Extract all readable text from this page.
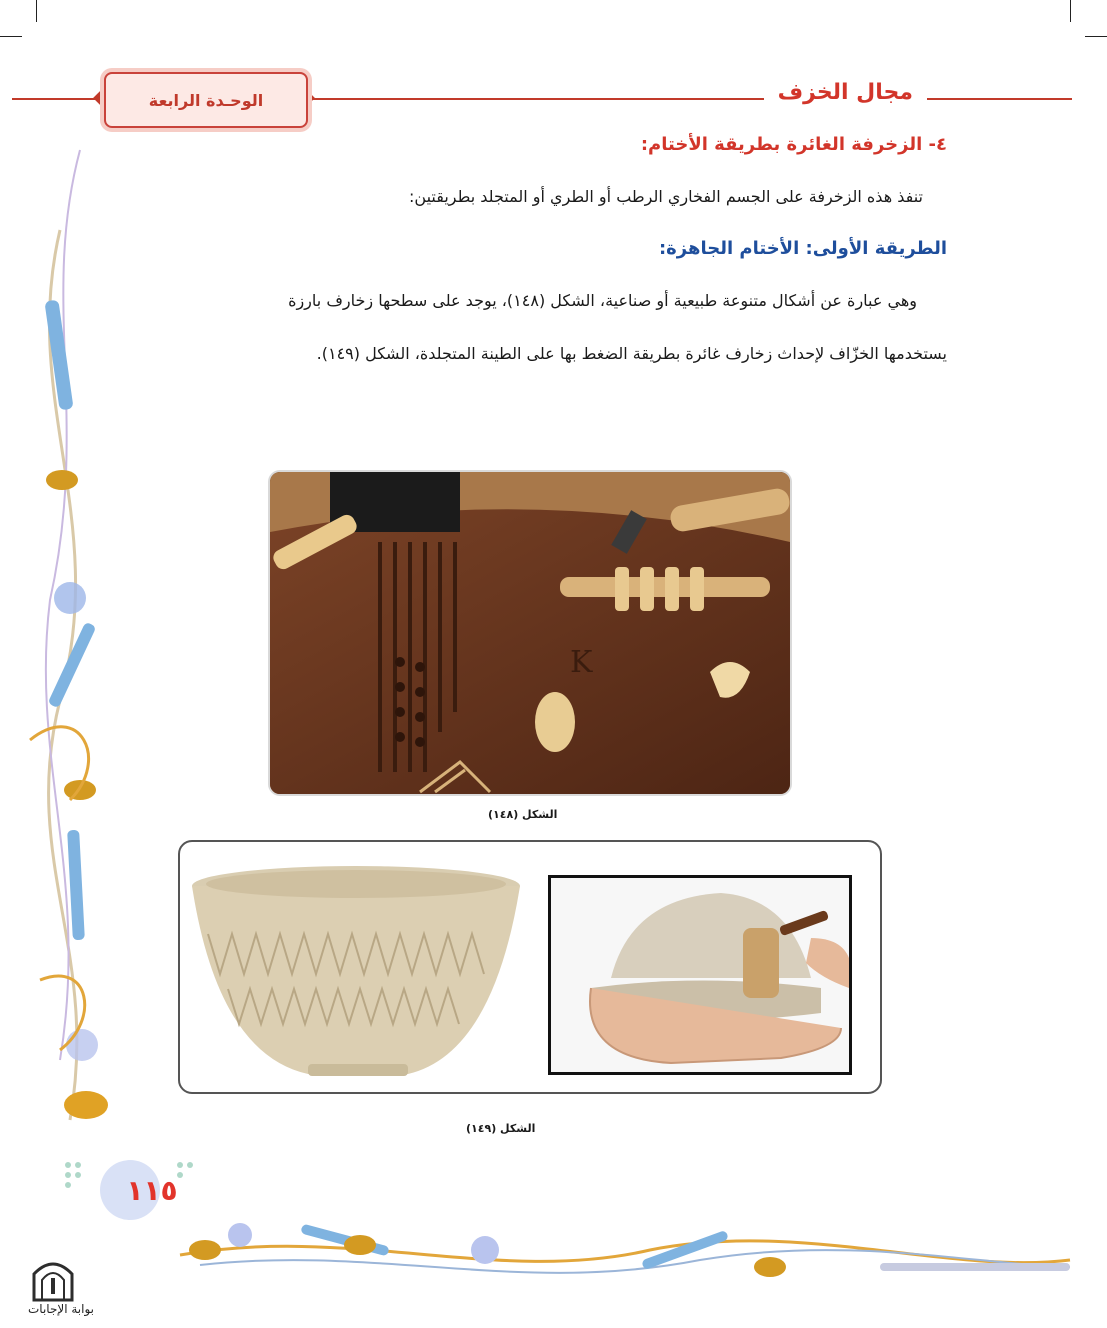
مجال الخزف
الوحـدة الرابعة
٤- الزخرفة الغائرة بطريقة الأختام:
تنفذ هذه الزخرفة على الجسم الفخاري الرطب أو الطري أو المتجلد بطريقتين:
الطريقة الأولى: الأختام الجاهزة:
وهي عبارة عن أشكال متنوعة طبيعية أو صناعية، الشكل (١٤٨)، يوجد على سطحها زخارف بارزة
يستخدمها الخزّاف لإحداث زخارف غائرة بطريقة الضغط بها على الطينة المتجلدة، الشكل (١٤٩).
K
الشكل (١٤٨)
الشكل (١٤٩)
١١٥
بوابة الإجابات
